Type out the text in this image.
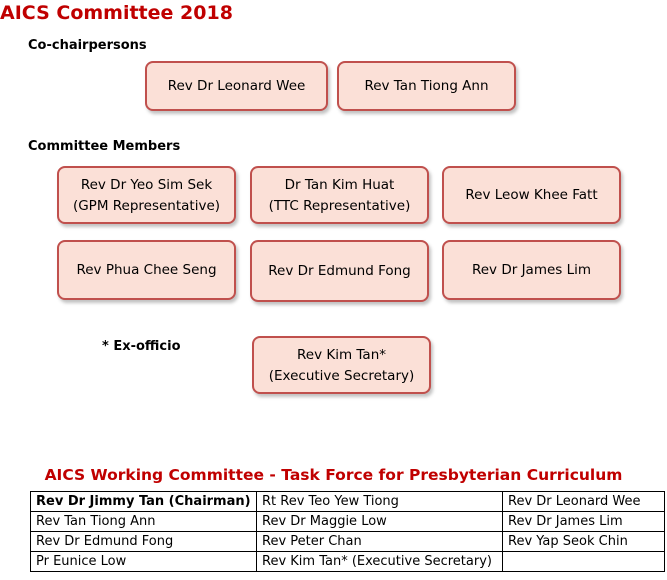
AICS Committee 2018
Co-chairpersons
Rev Dr Leonard Wee	Rev Tan Tiong Ann
Committee Members
Rev Dr Yeo Sim Sek
(GPM Representative)
Dr Tan Kim Huat
(TTC Representative)
Rev Leow Khee Fatt
Rev Phua Chee Seng	Rev Dr Edmund Fong	Rev Dr James Lim
* Ex-officio
Rev Kim Tan*
(Executive Secretary)
AICS Working Committee - Task Force for Presbyterian Curriculum
Rev Dr Jimmy Tan (Chairman)	Rt Rev Teo Yew Tiong	Rev Dr Leonard Wee
Rev Tan Tiong Ann	Rev Dr Maggie Low	Rev Dr James Lim
Rev Dr Edmund Fong	Rev Peter Chan	Rev Yap Seok Chin
Pr Eunice Low	Rev Kim Tan* (Executive Secretary)	
